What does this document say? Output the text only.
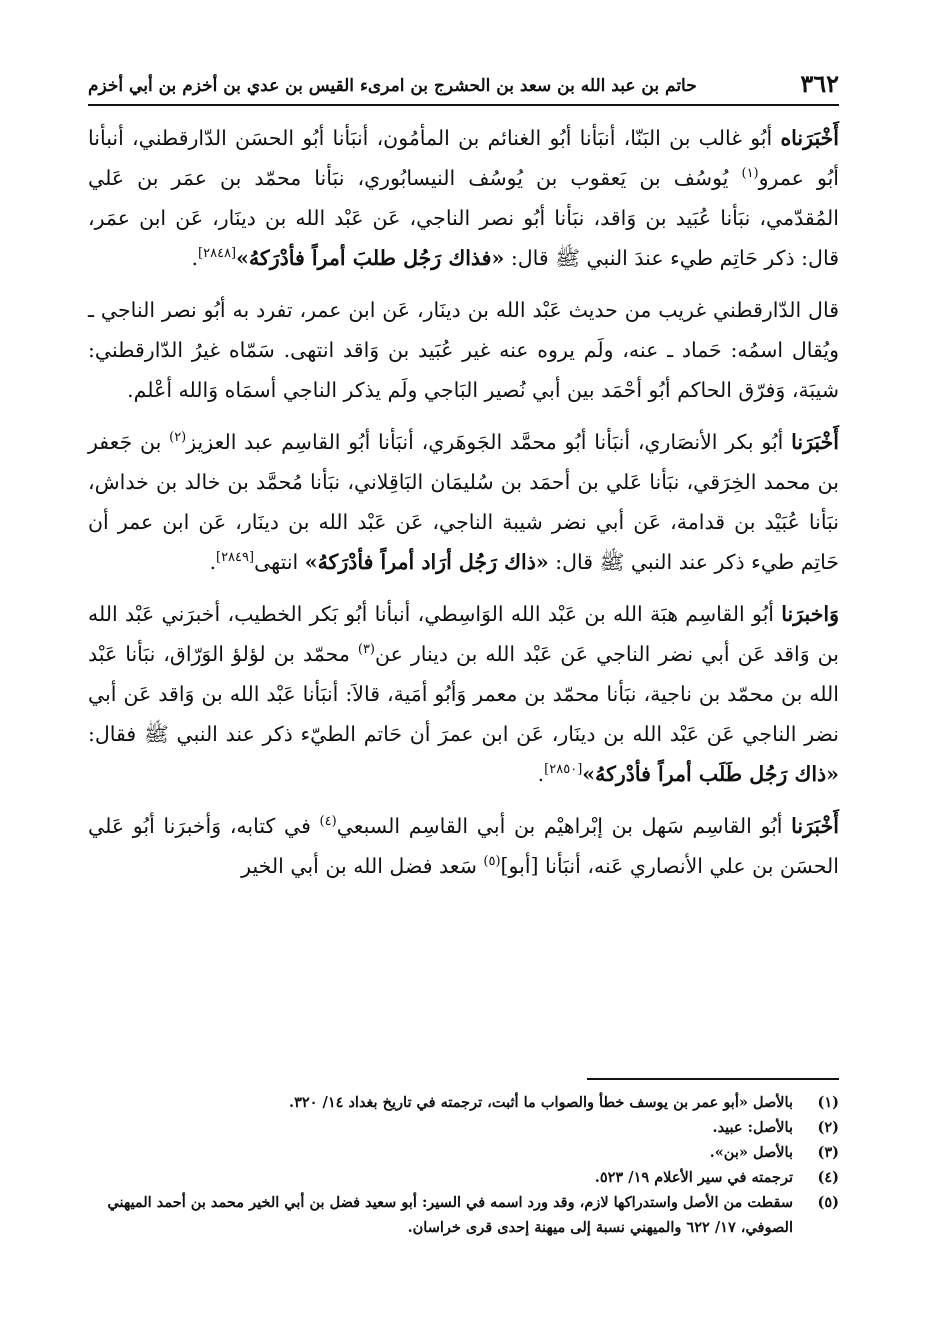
٣٦٢
حاتم بن عبد الله بن سعد بن الحشرج بن امرىء القيس بن عدي بن أخزم بن أبي أخزم

أَخْبَرَناه أبُو غالب بن البَنّا، أنبَأنا أبُو الغنائم بن المأمُون، أنبَأنا أبُو الحسَن الدّارقطني، أنبأنا أبُو عمرو$^{(١)}$ يُوسُف بن يَعقوب بن يُوسُف النيسابُوري، نبَأنا محمّد بن عمَر بن عَلي المُقدّمي، نبَأنا عُبَيد بن وَاقد، نبَأنا أبُو نصر الناجي، عَن عَبْد الله بن دينَار، عَن ابن عمَر، قال: ذكر حَاتِم طيء عندَ النبي ﷺ قال: «فذاك رَجُل طلبَ أمراً فأدْرَكهُ»[٢٨٤٨].

قال الدّارقطني غريب من حديث عَبْد الله بن دينَار، عَن ابن عمر، تفرد به أبُو نصر الناجي ـ ويُقال اسمُه: حَماد ـ عنه، ولَم يروه عنه غير عُبَيد بن وَاقد انتهى. سَمّاه غيرُ الدّارقطني: شيبَة، وَفرّق الحاكم أبُو أحْمَد بين أبي نُصير البَاجي ولَم يذكر الناجي أسمَاه وَالله أعْلم.

أَخْبَرَنا أبُو بكر الأنصَاري، أنبَأنا أبُو محمَّد الجَوهَري، أنبَأنا أبُو القاسِم عبد العزيز$^{(٢)}$ بن جَعفر بن محمد الخِرَقي، نبَأنا عَلي بن أحمَد بن سُليمَان البَاقِلاني، نبَأنا مُحمَّد بن خالد بن خداش، نبَأنا عُبَيْد بن قدامة، عَن أبي نضر شيبة الناجي، عَن عَبْد الله بن دينَار، عَن ابن عمر أن حَاتِم طيء ذكر عند النبي ﷺ قال: «ذاك رَجُل أرَاد أمراً فأدْرَكهُ» انتهى[٢٨٤٩].

وَاخبرَنا أبُو القاسِم هبَة الله بن عَبْد الله الوَاسِطي، أنبأنا أبُو بَكر الخطيب، أخبرَني عَبْد الله بن وَاقد عَن أبي نضر الناجي عَن عَبْد الله بن دينار عن$^{(٣)}$ محمّد بن لؤلؤ الوَرّاق، نبَأنا عَبْد الله بن محمّد بن ناجية، نبَأنا محمّد بن معمر وَأبُو أمَية، قالاَ: أنبَأنا عَبْد الله بن وَاقد عَن أبي نضر الناجي عَن عَبْد الله بن دينَار، عَن ابن عمرَ أن حَاتم الطيّء ذكر عند النبي ﷺ فقال: «ذاك رَجُل طَلَب أمراً فأدْركهُ»[٢٨٥٠].

أَخْبَرَنا أبُو القاسِم سَهل بن إبْراهيْم بن أبي القاسِم السبعي$^{(٤)}$ في كتابه، وَأخبرَنا أبُو عَلي الحسَن بن علي الأنصاري عَنه، أنبَأنا [أبو]$^{(٥)}$ سَعد فضل الله بن أبي الخير

(١)
بالأصل «أبو عمر بن يوسف خطأ والصواب ما أثبت، ترجمته في تاريخ بغداد ١٤/ ٣٢٠.
(٢)
بالأصل: عبيد.
(٣)
بالأصل «بن».
(٤)
ترجمته في سير الأعلام ١٩/ ٥٢٣.
(٥)
سقطت من الأصل واستدراكها لازم، وقد ورد اسمه في السير: أبو سعيد فضل بن أبي الخير محمد بن أحمد الميهني الصوفي، ١٧/ ٦٢٢ والميهني نسبة إلى ميهنة إحدى قرى خراسان.
